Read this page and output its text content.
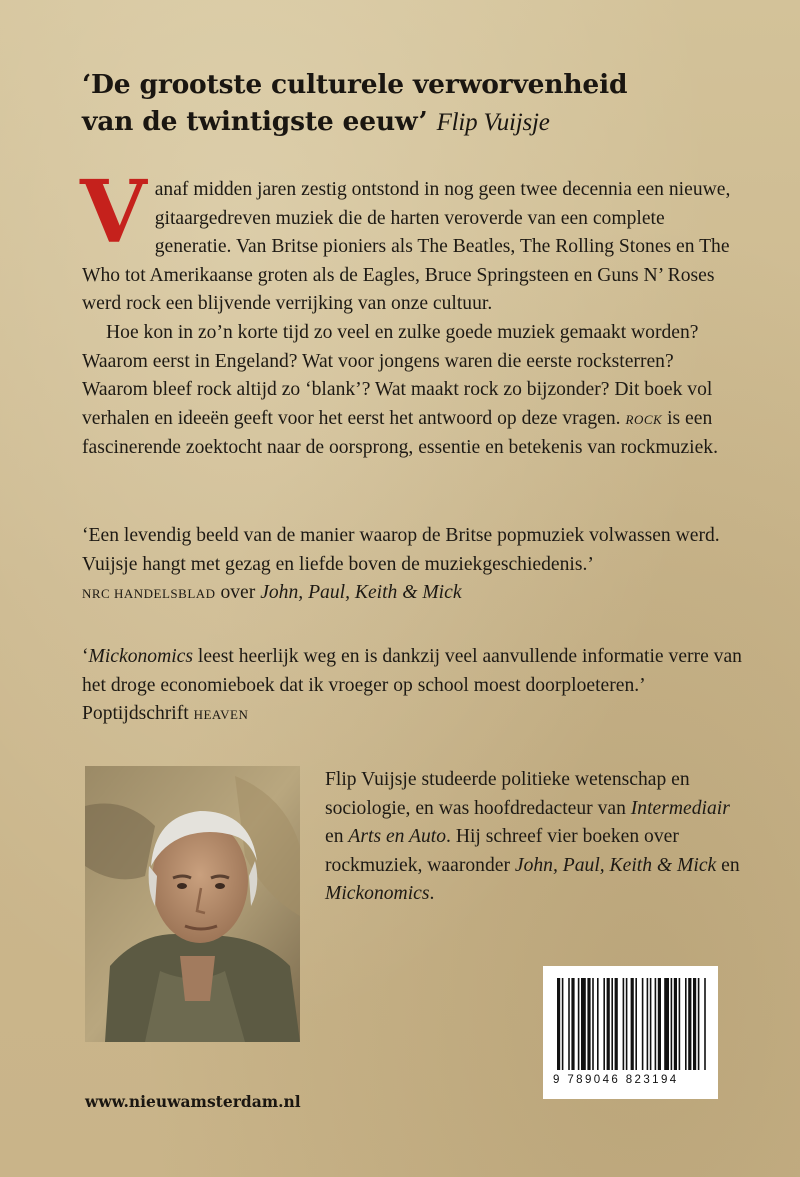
‘De grootste culturele verworvenheid
van de twintigste eeuw’ Flip Vuijsje

Vanaf midden jaren zestig ontstond in nog geen twee decennia een nieuwe, gitaargedreven muziek die de harten veroverde van een complete generatie. Van Britse pioniers als The Beatles, The Rolling Stones en The Who tot Amerikaanse groten als de Eagles, Bruce Springsteen en Guns N’ Roses werd rock een blijvende verrijking van onze cultuur.

Hoe kon in zo’n korte tijd zo veel en zulke goede muziek gemaakt worden? Waarom eerst in Engeland? Wat voor jongens waren die eerste rocksterren? Waarom bleef rock altijd zo ‘blank’? Wat maakt rock zo bijzonder? Dit boek vol verhalen en ideeën geeft voor het eerst het antwoord op deze vragen. ROCK is een fascinerende zoektocht naar de oorsprong, essentie en betekenis van rockmuziek.

‘Een levendig beeld van de manier waarop de Britse popmuziek volwassen werd. Vuijsje hangt met gezag en liefde boven de muziekgeschiedenis.’
NRC HANDELSBLAD over John, Paul, Keith & Mick
‘Mickonomics leest heerlijk weg en is dankzij veel aanvullende informatie verre van het droge economieboek dat ik vroeger op school moest doorploeteren.’ Poptijdschrift HEAVEN
Flip Vuijsje studeerde politieke wetenschap en sociologie, en was hoofdredacteur van Intermediair en Arts en Auto. Hij schreef vier boeken over rockmuziek, waaronder John, Paul, Keith & Mick en Mickonomics.
9 789046 823194
www.nieuwamsterdam.nl
